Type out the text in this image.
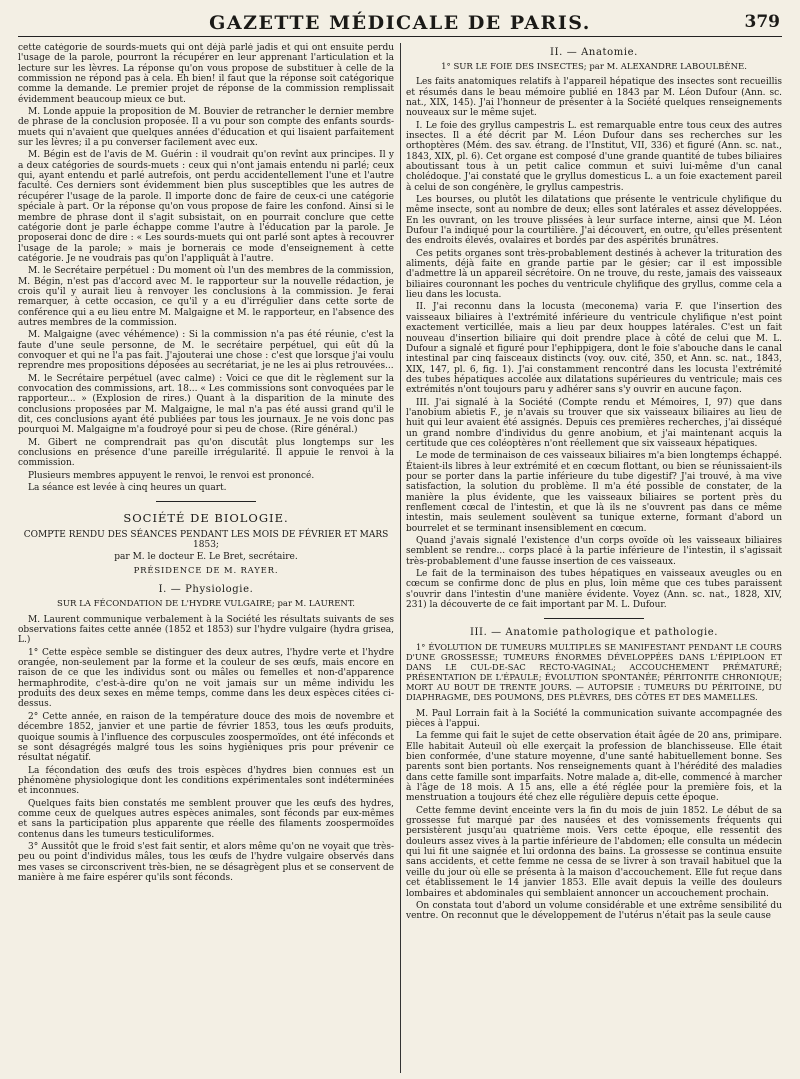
GAZETTE MÉDICALE DE PARIS.	379

cette catégorie de sourds-muets qui ont déjà parlé jadis et qui ont ensuite perdu l'usage de la parole, pourront la récupérer en leur apprenant l'articulation et la lecture sur les lèvres. La réponse qu'on vous propose de substituer à celle de la commission ne répond pas à cela. Eh bien! il faut que la réponse soit catégorique comme la demande. Le premier projet de réponse de la commission remplissait évidemment beaucoup mieux ce but.

M. Londe appuie la proposition de M. Bouvier de retrancher le dernier membre de phrase de la conclusion proposée. Il a vu pour son compte des enfants sourds-muets qui n'avaient que quelques années d'éducation et qui lisaient parfaitement sur les lèvres; il a pu converser facilement avec eux.

M. Bégin est de l'avis de M. Guérin : il voudrait qu'on revînt aux principes. Il y a deux catégories de sourds-muets : ceux qui n'ont jamais entendu ni parlé; ceux qui, ayant entendu et parlé autrefois, ont perdu accidentellement l'une et l'autre faculté. Ces derniers sont évidemment bien plus susceptibles que les autres de récupérer l'usage de la parole. Il importe donc de faire de ceux-ci une catégorie spéciale à part. Or la réponse qu'on vous propose de faire les confond. Ainsi si le membre de phrase dont il s'agit subsistait, on en pourrait conclure que cette catégorie dont je parle échappe comme l'autre à l'éducation par la parole. Je proposerai donc de dire : « Les sourds-muets qui ont parlé sont aptes à recouvrer l'usage de la parole; » mais je bornerais ce mode d'enseignement à cette catégorie. Je ne voudrais pas qu'on l'appliquât à l'autre.

M. le Secrétaire perpétuel : Du moment où l'un des membres de la commission, M. Bégin, n'est pas d'accord avec M. le rapporteur sur la nouvelle rédaction, je crois qu'il y aurait lieu à renvoyer les conclusions à la commission. Je ferai remarquer, à cette occasion, ce qu'il y a eu d'irrégulier dans cette sorte de conférence qui a eu lieu entre M. Malgaigne et M. le rapporteur, en l'absence des autres membres de la commission.

M. Malgaigne (avec véhémence) : Si la commission n'a pas été réunie, c'est la faute d'une seule personne, de M. le secrétaire perpétuel, qui eût dû la convoquer et qui ne l'a pas fait. J'ajouterai une chose : c'est que lorsque j'ai voulu reprendre mes propositions déposées au secrétariat, je ne les ai plus retrouvées...

M. le Secrétaire perpétuel (avec calme) : Voici ce que dit le règlement sur la convocation des commissions, art. 18... « Les commissions sont convoquées par le rapporteur... » (Explosion de rires.) Quant à la disparition de la minute des conclusions proposées par M. Malgaigne, le mal n'a pas été aussi grand qu'il le dit, ces conclusions ayant été publiées par tous les journaux. Je ne vois donc pas pourquoi M. Malgaigne m'a foudroyé pour si peu de chose. (Rire général.)

M. Gibert ne comprendrait pas qu'on discutât plus longtemps sur les conclusions en présence d'une pareille irrégularité. Il appuie le renvoi à la commission.

Plusieurs membres appuyent le renvoi, le renvoi est prononcé.

La séance est levée à cinq heures un quart.

SOCIÉTÉ DE BIOLOGIE.
COMPTE RENDU DES SÉANCES PENDANT LES MOIS DE FÉVRIER ET MARS 1853;
par M. le docteur E. Le Bret, secrétaire.
PRÉSIDENCE DE M. RAYER.
I. — Physiologie.
SUR LA FÉCONDATION DE L'HYDRE VULGAIRE; par M. LAURENT.

M. Laurent communique verbalement à la Société les résultats suivants de ses observations faites cette année (1852 et 1853) sur l'hydre vulgaire (hydra grisea, L.)

1° Cette espèce semble se distinguer des deux autres, l'hydre verte et l'hydre orangée, non-seulement par la forme et la couleur de ses œufs, mais encore en raison de ce que les individus sont ou mâles ou femelles et non-d'apparence hermaphrodite, c'est-à-dire qu'on ne voit jamais sur un même individu les produits des deux sexes en même temps, comme dans les deux espèces citées ci-dessus.

2° Cette année, en raison de la température douce des mois de novembre et décembre 1852, janvier et une partie de février 1853, tous les œufs produits, quoique soumis à l'influence des corpuscules zoospermoïdes, ont été inféconds et se sont désagrégés malgré tous les soins hygiéniques pris pour prévenir ce résultat négatif.

La fécondation des œufs des trois espèces d'hydres bien connues est un phénomène physiologique dont les conditions expérimentales sont indéterminées et inconnues.

Quelques faits bien constatés me semblent prouver que les œufs des hydres, comme ceux de quelques autres espèces animales, sont féconds par eux-mêmes et sans la participation plus apparente que réelle des filaments zoospermoïdes contenus dans les tumeurs testiculiformes.

3° Aussitôt que le froid s'est fait sentir, et alors même qu'on ne voyait que très-peu ou point d'individus mâles, tous les œufs de l'hydre vulgaire observés dans mes vases se circonscrivent très-bien, ne se désagrègent plus et se conservent de manière à me faire espérer qu'ils sont féconds.

II. — Anatomie.
1° SUR LE FOIE DES INSECTES; par M. ALEXANDRE LABOULBÈNE.

Les faits anatomiques relatifs à l'appareil hépatique des insectes sont recueillis et résumés dans le beau mémoire publié en 1843 par M. Léon Dufour (Ann. sc. nat., XIX, 145). J'ai l'honneur de présenter à la Société quelques renseignements nouveaux sur le même sujet.

I. Le foie des gryllus campestris L. est remarquable entre tous ceux des autres insectes. Il a été décrit par M. Léon Dufour dans ses recherches sur les orthoptères (Mém. des sav. étrang. de l'Institut, VII, 336) et figuré (Ann. sc. nat., 1843, XIX, pl. 6). Cet organe est composé d'une grande quantité de tubes biliaires aboutissant tous à un petit calice commun et suivi lui-même d'un canal cholédoque. J'ai constaté que le gryllus domesticus L. a un foie exactement pareil à celui de son congénère, le gryllus campestris.

Les bourses, ou plutôt les dilatations que présente le ventricule chylifique du même insecte, sont au nombre de deux; elles sont latérales et assez développées. En les ouvrant, on les trouve plissées à leur surface interne, ainsi que M. Léon Dufour l'a indiqué pour la courtilière. J'ai découvert, en outre, qu'elles présentent des endroits élevés, ovalaires et bordés par des aspérités brunâtres.

Ces petits organes sont très-probablement destinés à achever la trituration des aliments, déjà faite en grande partie par le gésier; car il est impossible d'admettre là un appareil sécrétoire. On ne trouve, du reste, jamais des vaisseaux biliaires couronnant les poches du ventricule chylifique des gryllus, comme cela a lieu dans les locusta.

II. J'ai reconnu dans la locusta (meconema) varia F. que l'insertion des vaisseaux biliaires à l'extrémité inférieure du ventricule chylifique n'est point exactement verticillée, mais a lieu par deux houppes latérales. C'est un fait nouveau d'insertion biliaire qui doit prendre place à côté de celui que M. L. Dufour a signalé et figuré pour l'ephippigera, dont le foie s'abouche dans le canal intestinal par cinq faisceaux distincts (voy. ouv. cité, 350, et Ann. sc. nat., 1843, XIX, 147, pl. 6, fig. 1). J'ai constamment rencontré dans les locusta l'extrémité des tubes hépatiques accolée aux dilatations supérieures du ventricule; mais ces extrémités n'ont toujours paru y adhérer sans s'y ouvrir en aucune façon.

III. J'ai signalé à la Société (Compte rendu et Mémoires, I, 97) que dans l'anobium abietis F., je n'avais su trouver que six vaisseaux biliaires au lieu de huit qui leur avaient été assignés. Depuis ces premières recherches, j'ai disséqué un grand nombre d'individus du genre anobium, et j'ai maintenant acquis la certitude que ces coléoptères n'ont réellement que six vaisseaux hépatiques.

Le mode de terminaison de ces vaisseaux biliaires m'a bien longtemps échappé. Étaient-ils libres à leur extrémité et en cœcum flottant, ou bien se réunissaient-ils pour se porter dans la partie inférieure du tube digestif? J'ai trouvé, à ma vive satisfaction, la solution du problème. Il m'a été possible de constater, de la manière la plus évidente, que les vaisseaux biliaires se portent près du renflement cœcal de l'intestin, et que là ils ne s'ouvrent pas dans ce même intestin, mais seulement soulèvent sa tunique externe, formant d'abord un bourrelet et se terminant insensiblement en cœcum.

Quand j'avais signalé l'existence d'un corps ovoïde où les vaisseaux biliaires semblent se rendre... corps placé à la partie inférieure de l'intestin, il s'agissait très-probablement d'une fausse insertion de ces vaisseaux.

Le fait de la terminaison des tubes hépatiques en vaisseaux aveugles ou en cœcum se confirme donc de plus en plus, loin même que ces tubes paraissent s'ouvrir dans l'intestin d'une manière évidente. Voyez (Ann. sc. nat., 1828, XIV, 231) la découverte de ce fait important par M. L. Dufour.

III. — Anatomie pathologique et pathologie.
1° ÉVOLUTION DE TUMEURS MULTIPLES SE MANIFESTANT PENDANT LE COURS D'UNE GROSSESSE; TUMEURS ÉNORMES DÉVELOPPÉES DANS L'ÉPIPLOON ET DANS LE CUL-DE-SAC RECTO-VAGINAL; ACCOUCHEMENT PRÉMATURÉ; PRÉSENTATION DE L'ÉPAULE; ÉVOLUTION SPONTANÉE; PÉRITONITE CHRONIQUE; MORT AU BOUT DE TRENTE JOURS. — AUTOPSIE : TUMEURS DU PÉRITOINE, DU DIAPHRAGME, DES POUMONS, DES PLÈVRES, DES CÔTES ET DES MAMELLES.

M. Paul Lorrain fait à la Société la communication suivante accompagnée des pièces à l'appui.

La femme qui fait le sujet de cette observation était âgée de 20 ans, primipare. Elle habitait Auteuil où elle exerçait la profession de blanchisseuse. Elle était bien conformée, d'une stature moyenne, d'une santé habituellement bonne. Ses parents sont bien portants. Nos renseignements quant à l'hérédité des maladies dans cette famille sont imparfaits. Notre malade a, dit-elle, commencé à marcher à l'âge de 18 mois. A 15 ans, elle a été réglée pour la première fois, et la menstruation a toujours été chez elle régulière depuis cette époque.

Cette femme devint enceinte vers la fin du mois de juin 1852. Le début de sa grossesse fut marqué par des nausées et des vomissements fréquents qui persistèrent jusqu'au quatrième mois. Vers cette époque, elle ressentit des douleurs assez vives à la partie inférieure de l'abdomen; elle consulta un médecin qui lui fit une saignée et lui ordonna des bains. La grossesse se continua ensuite sans accidents, et cette femme ne cessa de se livrer à son travail habituel que la veille du jour où elle se présenta à la maison d'accouchement. Elle fut reçue dans cet établissement le 14 janvier 1853. Elle avait depuis la veille des douleurs lombaires et abdominales qui semblaient annoncer un accouchement prochain.

On constata tout d'abord un volume considérable et une extrême sensibilité du ventre. On reconnut que le développement de l'utérus n'était pas la seule cause
